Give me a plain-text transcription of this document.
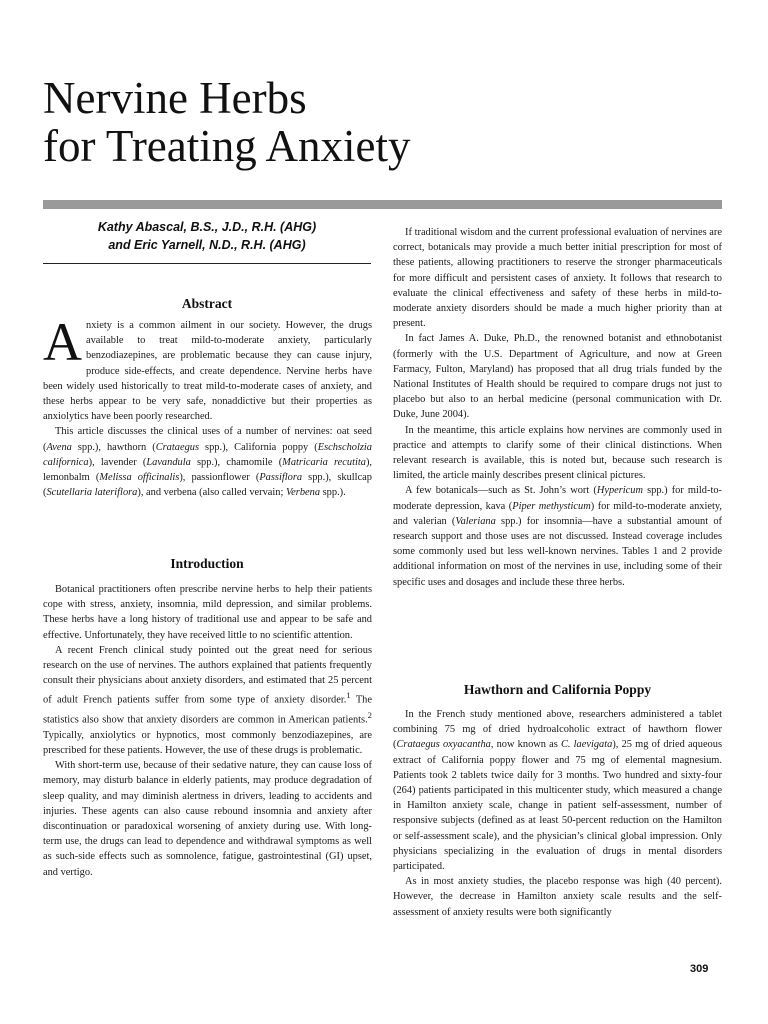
Nervine Herbs
for Treating Anxiety
Kathy Abascal, B.S., J.D., R.H. (AHG)
and Eric Yarnell, N.D., R.H. (AHG)
Abstract

Anxiety is a common ailment in our society. However, the drugs available to treat mild-to-moderate anxiety, particularly benzodiazepines, are problematic because they can cause injury, produce side-effects, and create dependence. Nervine herbs have been widely used historically to treat mild-to-moderate cases of anxiety, and these herbs appear to be very safe, nonaddictive but their properties as anxiolytics have been poorly researched.

This article discusses the clinical uses of a number of nervines: oat seed (Avena spp.), hawthorn (Crataegus spp.), California poppy (Eschscholzia californica), lavender (Lavandula spp.), chamomile (Matricaria recutita), lemonbalm (Melissa officinalis), passionflower (Passiflora spp.), skullcap (Scutellaria lateriflora), and verbena (also called vervain; Verbena spp.).

Introduction

Botanical practitioners often prescribe nervine herbs to help their patients cope with stress, anxiety, insomnia, mild depression, and similar problems. These herbs have a long history of traditional use and appear to be safe and effective. Unfortunately, they have received little to no scientific attention.

A recent French clinical study pointed out the great need for serious research on the use of nervines. The authors explained that patients frequently consult their physicians about anxiety disorders, and estimated that 25 percent of adult French patients suffer from some type of anxiety disorder.$^1$ The statistics also show that anxiety disorders are common in American patients.$^2$ Typically, anxiolytics or hypnotics, most commonly benzodiazepines, are prescribed for these patients. However, the use of these drugs is problematic.

With short-term use, because of their sedative nature, they can cause loss of memory, may disturb balance in elderly patients, may produce degradation of sleep quality, and may diminish alertness in drivers, leading to accidents and injuries. These agents can also cause rebound insomnia and anxiety after discontinuation or paradoxical worsening of anxiety during use. With long-term use, the drugs can lead to dependence and withdrawal symptoms as well as such-side effects such as somnolence, fatigue, gastrointestinal (GI) upset, and vertigo.

If traditional wisdom and the current professional evaluation of nervines are correct, botanicals may provide a much better initial prescription for most of these patients, allowing practitioners to reserve the stronger pharmaceuticals for more difficult and persistent cases of anxiety. It follows that research to evaluate the clinical effectiveness and safety of these herbs in mild-to-moderate anxiety disorders should be made a much higher priority than at present.

In fact James A. Duke, Ph.D., the renowned botanist and ethnobotanist (formerly with the U.S. Department of Agriculture, and now at Green Farmacy, Fulton, Maryland) has proposed that all drug trials funded by the National Institutes of Health should be required to compare drugs not just to placebo but also to an herbal medicine (personal communication with Dr. Duke, June 2004).

In the meantime, this article explains how nervines are commonly used in practice and attempts to clarify some of their clinical distinctions. When relevant research is available, this is noted but, because such research is limited, the article mainly describes present clinical pictures.

A few botanicals—such as St. John’s wort (Hypericum spp.) for mild-to-moderate depression, kava (Piper methysticum) for mild-to-moderate anxiety, and valerian (Valeriana spp.) for insomnia—have a substantial amount of research support and those uses are not discussed. Instead coverage includes some commonly used but less well-known nervines. Tables 1 and 2 provide additional information on most of the nervines in use, including some of their specific uses and dosages and include these three herbs.

Hawthorn and California Poppy

In the French study mentioned above, researchers administered a tablet combining 75 mg of dried hydroalcoholic extract of hawthorn flower (Crataegus oxyacantha, now known as C. laevigata), 25 mg of dried aqueous extract of California poppy flower and 75 mg of elemental magnesium. Patients took 2 tablets twice daily for 3 months. Two hundred and sixty-four (264) patients participated in this multicenter study, which measured a change in Hamilton anxiety scale, change in patient self-assessment, number of responsive subjects (defined as at least 50-percent reduction on the Hamilton or self-assessment scale), and the physician’s clinical global impression. Only physicians specializing in the evaluation of drugs in mental disorders participated.

As in most anxiety studies, the placebo response was high (40 percent). However, the decrease in Hamilton anxiety scale results and the self-assessment of anxiety results were both significantly

309
